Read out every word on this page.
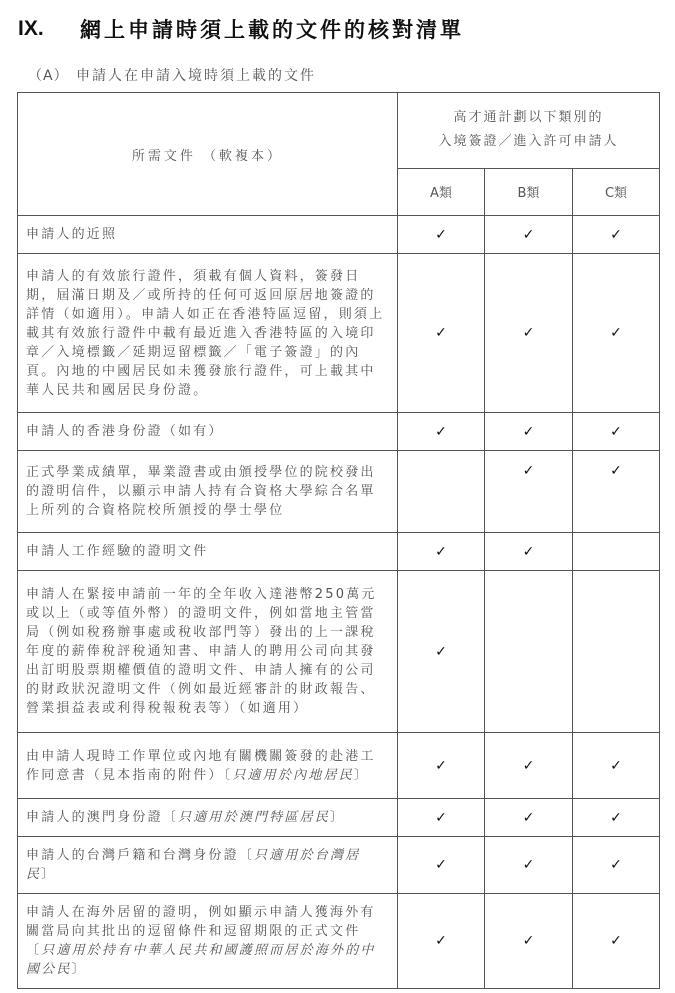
IX.	網上申請時須上載的文件的核對清單
（A） 申請人在申請入境時須上載的文件
所需文件 （軟複本）	高才通計劃以下類別的
入境簽證／進入許可申請人		

	A類	B類	C類
申請人的近照	✓	✓	✓
申請人的有效旅行證件，須載有個人資料，簽發日期，屆滿日期及／或所持的任何可返回原居地簽證的詳情（如適用）。申請人如正在香港特區逗留，則須上載其有效旅行證件中載有最近進入香港特區的入境印章／入境標籤／延期逗留標籤／「電子簽證」的內頁。內地的中國居民如未獲發旅行證件，可上載其中華人民共和國居民身份證。	✓	✓	✓
申請人的香港身份證（如有）	✓	✓	✓
正式學業成績單，畢業證書或由頒授學位的院校發出的證明信件，以顯示申請人持有合資格大學綜合名單上所列的合資格院校所頒授的學士學位		✓	✓
申請人工作經驗的證明文件	✓	✓	
申請人在緊接申請前一年的全年收入達港幣250萬元或以上（或等值外幣）的證明文件，例如當地主管當局（例如稅務辦事處或稅收部門等）發出的上一課稅年度的薪俸稅評稅通知書、申請人的聘用公司向其發出訂明股票期權價值的證明文件、申請人擁有的公司的財政狀況證明文件（例如最近經審計的財政報告、營業損益表或利得稅報稅表等）（如適用）	✓		
由申請人現時工作單位或內地有關機關簽發的赴港工作同意書（見本指南的附件）〔只適用於內地居民〕	✓	✓	✓
申請人的澳門身份證〔只適用於澳門特區居民〕	✓	✓	✓
申請人的台灣戶籍和台灣身份證〔只適用於台灣居民〕	✓	✓	✓
申請人在海外居留的證明，例如顯示申請人獲海外有關當局向其批出的逗留條件和逗留期限的正式文件〔只適用於持有中華人民共和國護照而居於海外的中國公民〕	✓	✓	✓
